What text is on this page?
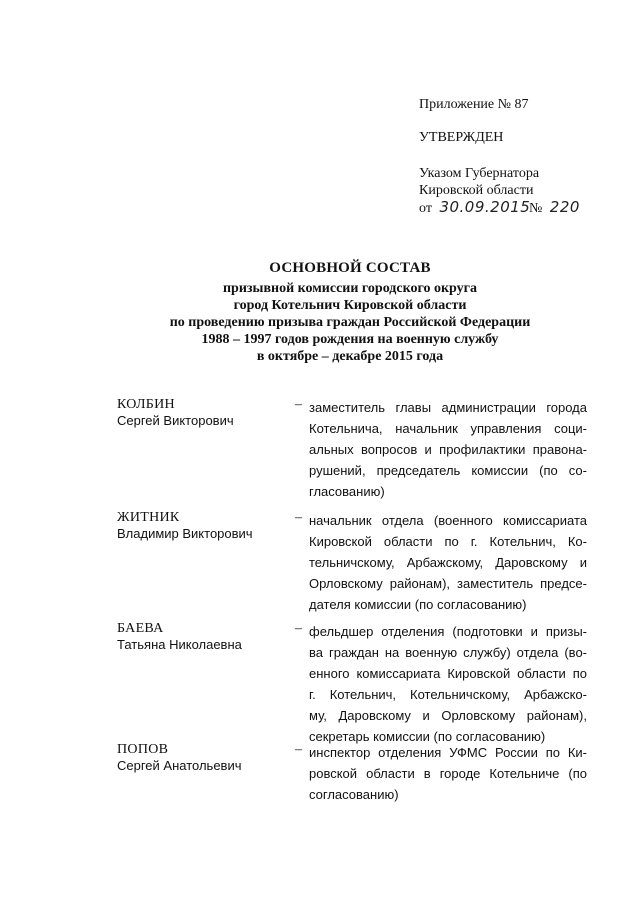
Приложение № 87
УТВЕРЖДЕН
Указом Губернатора
Кировской области
от 30.09.2015 № 220
ОСНОВНОЙ СОСТАВ
призывной комиссии городского округа
город Котельнич Кировской области
по проведению призыва граждан Российской Федерации
1988 – 1997 годов рождения на военную службу
в октябре – декабре 2015 года
КОЛБИН
Сергей Викторович
– заместитель главы администрации города
Котельнича, начальник управления соци-
альных вопросов и профилактики правона-
рушений, председатель комиссии (по со-
гласованию)
ЖИТНИК
Владимир Викторович
– начальник отдела (военного комиссариата
Кировской области по г. Котельнич, Ко-
тельничскому, Арбажскому, Даровскому и
Орловскому районам), заместитель предсе-
дателя комиссии (по согласованию)
БАЕВА
Татьяна Николаевна
– фельдшер отделения (подготовки и призы-
ва граждан на военную службу) отдела (во-
енного комиссариата Кировской области по
г. Котельнич, Котельничскому, Арбажско-
му, Даровскому и Орловскому районам),
секретарь комиссии (по согласованию)
ПОПОВ
Сергей Анатольевич
– инспектор отделения УФМС России по Ки-
ровской области в городе Котельниче (по
согласованию)
